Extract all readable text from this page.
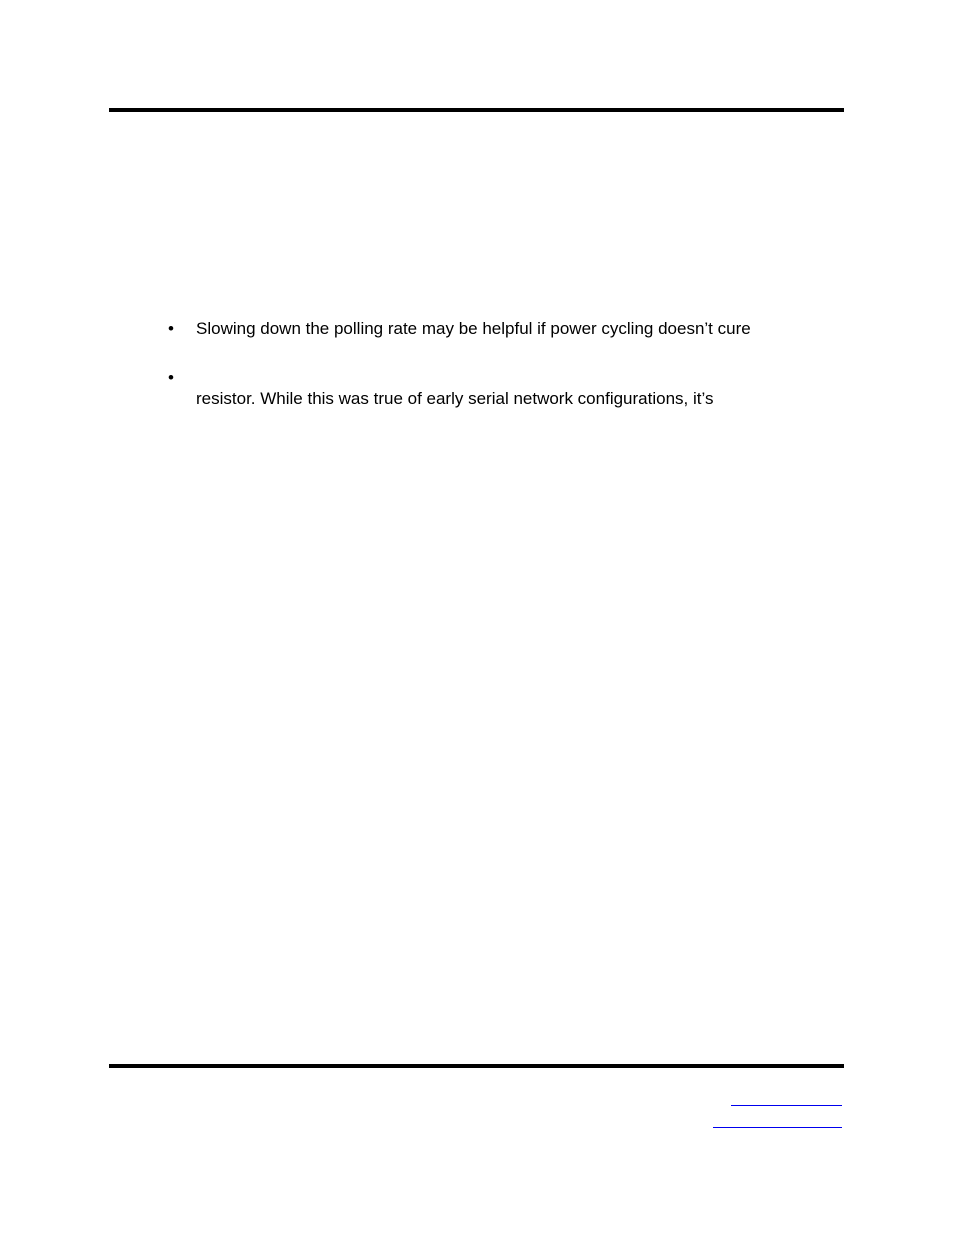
• Slowing down the polling rate may be helpful if power cycling doesn’t cure
•
resistor. While this was true of early serial network configurations, it’s
